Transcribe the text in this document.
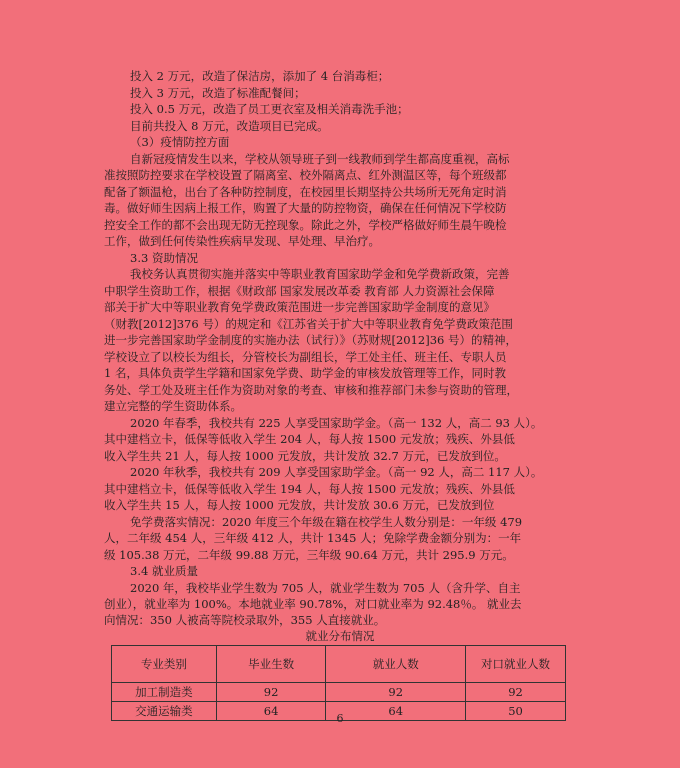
投入 2 万元，改造了保洁房，添加了 4 台消毒柜；
投入 3 万元，改造了标准配餐间；
投入 0.5 万元，改造了员工更衣室及相关消毒洗手池；
目前共投入 8 万元，改造项目已完成。
（3）疫情防控方面
自新冠疫情发生以来，学校从领导班子到一线教师到学生都高度重视，高标
准按照防控要求在学校设置了隔离室、校外隔离点、红外测温区等，每个班级都
配备了额温枪，出台了各种防控制度，在校园里长期坚持公共场所无死角定时消
毒。做好师生因病上报工作，购置了大量的防控物资，确保在任何情况下学校防
控安全工作的都不会出现无防无控现象。除此之外，学校严格做好师生晨午晚检
工作，做到任何传染性疾病早发现、早处理、早治疗。
3.3 资助情况
我校务认真贯彻实施并落实中等职业教育国家助学金和免学费新政策，完善
中职学生资助工作，根据《财政部 国家发展改革委 教育部 人力资源社会保障
部关于扩大中等职业教育免学费政策范围进一步完善国家助学金制度的意见》
（财教[2012]376 号）的规定和《江苏省关于扩大中等职业教育免学费政策范围
进一步完善国家助学金制度的实施办法（试行）》（苏财规[2012]36 号）的精神，
学校设立了以校长为组长，分管校长为副组长，学工处主任、班主任、专职人员
1 名，具体负责学生学籍和国家免学费、助学金的审核发放管理等工作，同时教
务处、学工处及班主任作为资助对象的考查、审核和推荐部门未参与资助的管理，
建立完整的学生资助体系。
2020 年春季，我校共有 225 人享受国家助学金。（高一 132 人，高二 93 人）。
其中建档立卡，低保等低收入学生 204 人，每人按 1500 元发放；残疾、外县低
收入学生共 21 人，每人按 1000 元发放，共计发放 32.7 万元，已发放到位。
2020 年秋季，我校共有 209 人享受国家助学金。（高一 92 人，高二 117 人）。
其中建档立卡，低保等低收入学生 194 人，每人按 1500 元发放；残疾、外县低
收入学生共 15 人，每人按 1000 元发放，共计发放 30.6 万元，已发放到位
免学费落实情况：2020 年度三个年级在籍在校学生人数分别是：一年级 479
人，二年级 454 人，三年级 412 人，共计 1345 人；免除学费金额分别为：一年
级 105.38 万元，二年级 99.88 万元，三年级 90.64 万元，共计 295.9 万元。
3.4 就业质量
2020 年，我校毕业学生数为 705 人，就业学生数为 705 人（含升学、自主
创业），就业率为 100%。本地就业率 90.78%，对口就业率为 92.48％。 就业去
向情况：350 人被高等院校录取外，355 人直接就业。
就业分布情况
专业类别	毕业生数	就业人数	对口就业人数
加工制造类	92	92	92
交通运输类	64	64	50
6
